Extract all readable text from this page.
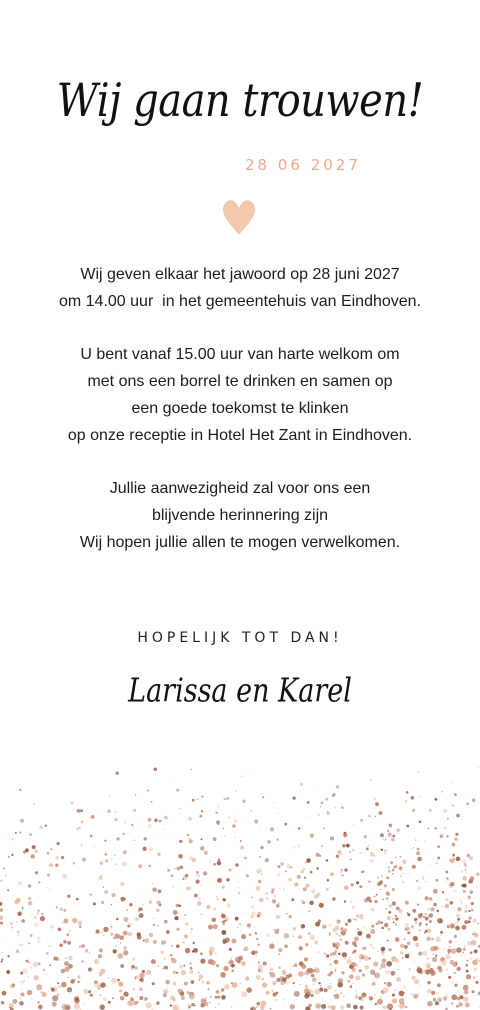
Wij gaan trouwen!
28 06 2027
Wij geven elkaar het jawoord op 28 juni 2027
om 14.00 uur  in het gemeentehuis van Eindhoven.
U bent vanaf 15.00 uur van harte welkom om
met ons een borrel te drinken en samen op
een goede toekomst te klinken
op onze receptie in Hotel Het Zant in Eindhoven.
Jullie aanwezigheid zal voor ons een
blijvende herinnering zijn
Wij hopen jullie allen te mogen verwelkomen.
HOPELIJK TOT DAN!
Larissa en Karel
